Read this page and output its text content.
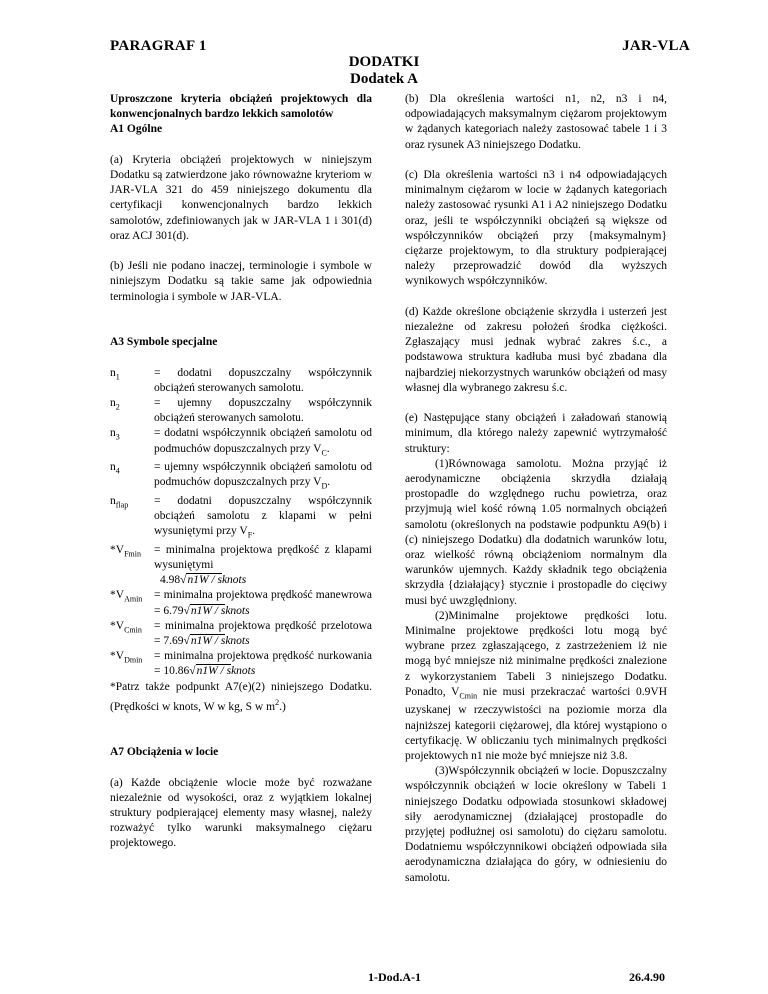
PARAGRAF 1	JAR-VLA
DODATKI
Dodatek A

Uproszczone kryteria obciążeń projektowych dla konwencjonalnych bardzo lekkich samolotów

A1 Ogólne

(a) Kryteria obciążeń projektowych w niniejszym Dodatku są zatwierdzone jako równoważne kryteriom w JAR-VLA 321 do 459 niniejszego dokumentu dla certyfikacji konwencjonalnych bardzo lekkich samolotów, zdefiniowanych jak w JAR-VLA 1 i 301(d) oraz ACJ 301(d).

(b) Jeśli nie podano inaczej, terminologie i symbole w niniejszym Dodatku są takie same jak odpowiednia terminologia i symbole w JAR-VLA.

A3 Symbole specjalne

$n_1$	= dodatni dopuszczalny współczynnik obciążeń sterowanych samolotu.
$n_2$	= ujemny dopuszczalny współczynnik obciążeń sterowanych samolotu.
$n_3$	= dodatni współczynnik obciążeń samolotu od podmuchów dopuszczalnych przy $V_C$.
$n_4$	= ujemny współczynnik obciążeń samolotu od podmuchów dopuszczalnych przy $V_D$.
$n_{flap}$	= dodatni dopuszczalny współczynnik obciążeń samolotu z klapami w pełni wysuniętymi przy $V_F$.
$*V_{Fmin}$	= minimalna projektowa prędkość z klapami wysuniętymi
4.98√n1W / sknots
$*V_{Amin}$	= minimalna projektowa prędkość manewrowa = 6.79√n1W / sknots
$*V_{Cmin}$	= minimalna projektowa prędkość przelotowa = 7.69√n1W / sknots
$*V_{Dmin}$	= minimalna projektowa prędkość nurkowania = 10.86√n1W / sknots

*Patrz także podpunkt A7(e)(2) niniejszego Dodatku. (Prędkości w knots, W w kg, S w $m^2$.)

A7 Obciążenia w locie

(a) Każde obciążenie wlocie może być rozważane niezależnie od wysokości, oraz z wyjątkiem lokalnej struktury podpierającej elementy masy własnej, należy rozważyć tylko warunki maksymalnego ciężaru projektowego.

(b) Dla określenia wartości n1, n2, n3 i n4, odpowiadających maksymalnym ciężarom projektowym w żądanych kategoriach należy zastosować tabele 1 i 3 oraz rysunek A3 niniejszego Dodatku.

(c) Dla określenia wartości n3 i n4 odpowiadających minimalnym ciężarom w locie w żądanych kategoriach należy zastosować rysunki A1 i A2 niniejszego Dodatku oraz, jeśli te współczynniki obciążeń są większe od współczynników obciążeń przy {maksymalnym} ciężarze projektowym, to dla struktury podpierającej należy przeprowadzić dowód dla wyższych wynikowych współczynników.

(d) Każde określone obciążenie skrzydła i usterzeń jest niezależne od zakresu położeń środka ciężkości. Zgłaszający musi jednak wybrać zakres ś.c., a podstawowa struktura kadłuba musi być zbadana dla najbardziej niekorzystnych warunków obciążeń od masy własnej dla wybranego zakresu ś.c.

(e) Następujące stany obciążeń i załadowań stanowią minimum, dla którego należy zapewnić wytrzymałość struktury:

(1)Równowaga samolotu. Można przyjąć iż aerodynamiczne obciążenia skrzydła działają prostopadle do względnego ruchu powietrza, oraz przyjmują wiel kość równą 1.05 normalnych obciążeń samolotu (określonych na podstawie podpunktu A9(b) i (c) niniejszego Dodatku) dla dodatnich warunków lotu, oraz wielkość równą obciążeniom normalnym dla warunków ujemnych. Każdy składnik tego obciążenia skrzydła {działający} stycznie i prostopadle do cięciwy musi być uwzględniony.

(2)Minimalne projektowe prędkości lotu. Minimalne projektowe prędkości lotu mogą być wybrane przez zgłaszającego, z zastrzeżeniem iż nie mogą być mniejsze niż minimalne prędkości znalezione z wykorzystaniem Tabeli 3 niniejszego Dodatku. Ponadto, $V_{Cmin}$ nie musi przekraczać wartości 0.9VH uzyskanej w rzeczywistości na poziomie morza dla najniższej kategorii ciężarowej, dla której wystąpiono o certyfikację. W obliczaniu tych minimalnych prędkości projektowych n1 nie może być mniejsze niż 3.8.

(3)Współczynnik obciążeń w locie. Dopuszczalny współczynnik obciążeń w locie określony w Tabeli 1 niniejszego Dodatku odpowiada stosunkowi składowej siły aerodynamicznej (działającej prostopadle do przyjętej podłużnej osi samolotu) do ciężaru samolotu. Dodatniemu współczynnikowi obciążeń odpowiada siła aerodynamiczna działająca do góry, w odniesieniu do samolotu.

1-Dod.A-1	26.4.90
